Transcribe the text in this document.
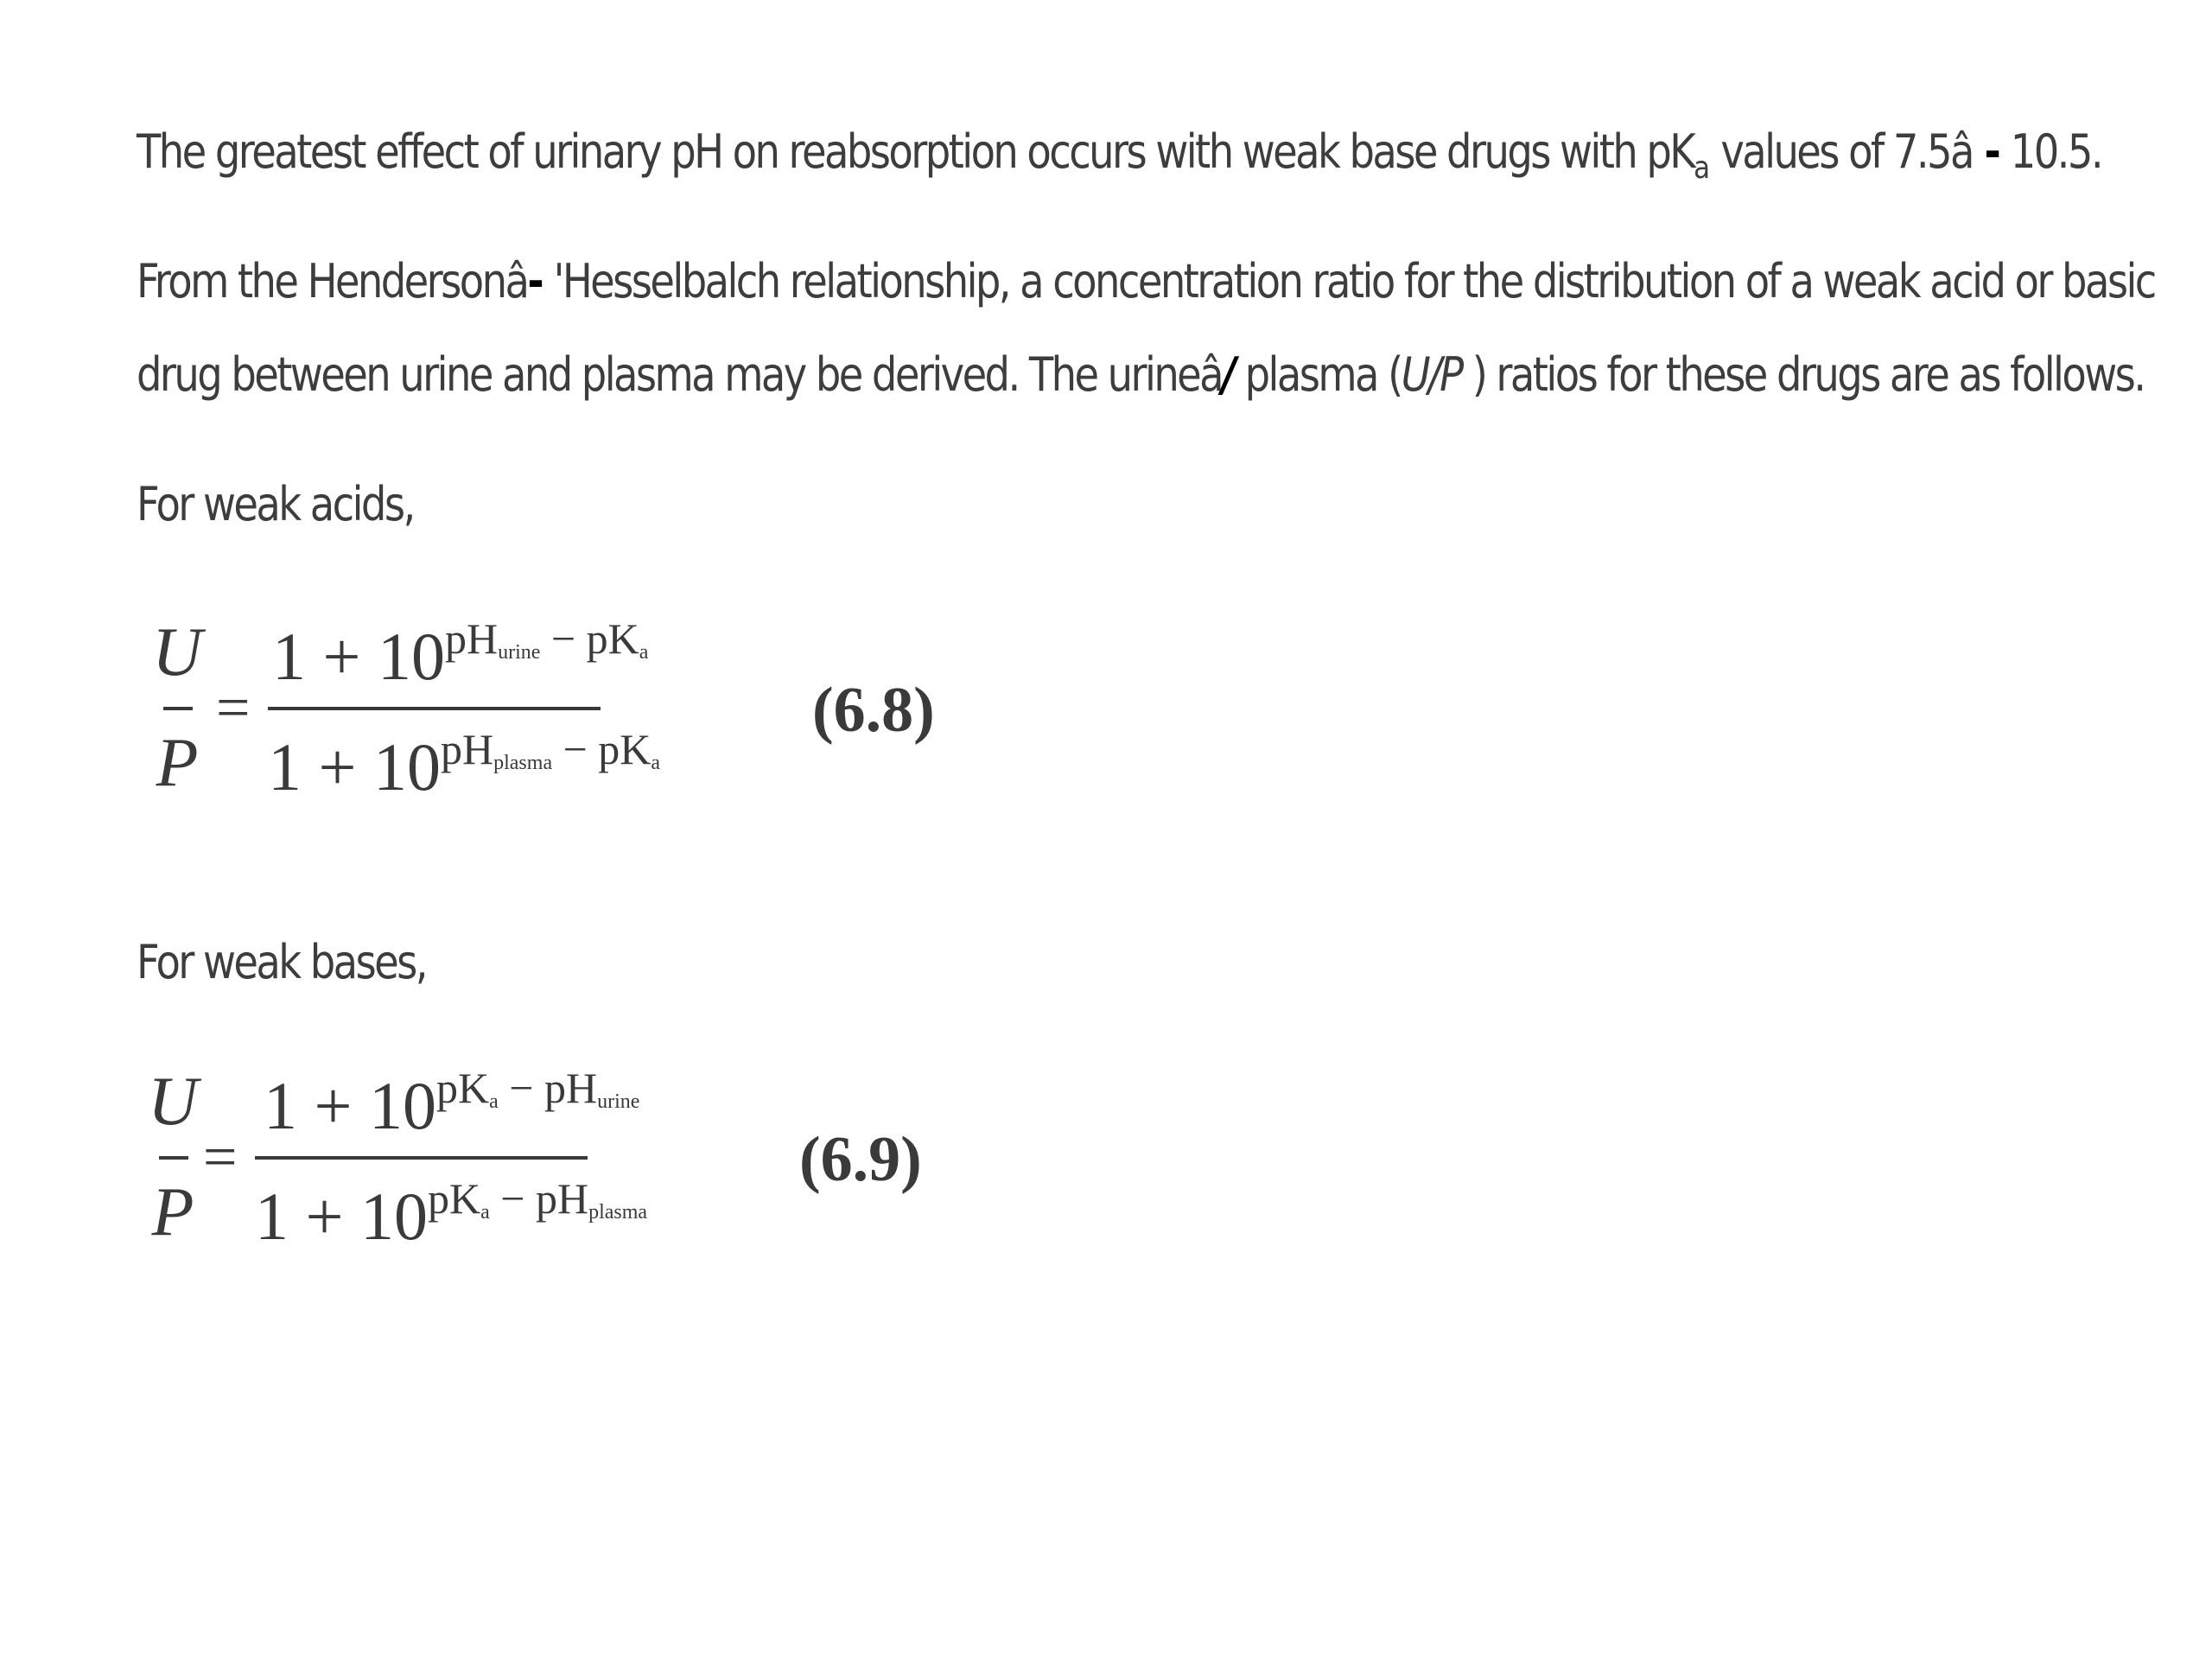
The greatest effect of urinary pH on reabsorption occurs with weak base drugs with $pK_a$ values of 7.5â - 10.5.
From the Hendersonâ- 'Hesselbalch relationship, a concentration ratio for the distribution of a weak acid or basic
drug between urine and plasma may be derived. The urineâ/ plasma (U/P ) ratios for these drugs are as follows.
For weak acids,
U
P
=
$1 + 10^{pH_{urine} - pK_a}$
$1 + 10^{pH_{plasma} - pK_a}$
(6.8)
For weak bases,
U
P
=
$1 + 10^{pK_a - pH_{urine}}$
$1 + 10^{pK_a - pH_{plasma}}$
(6.9)
